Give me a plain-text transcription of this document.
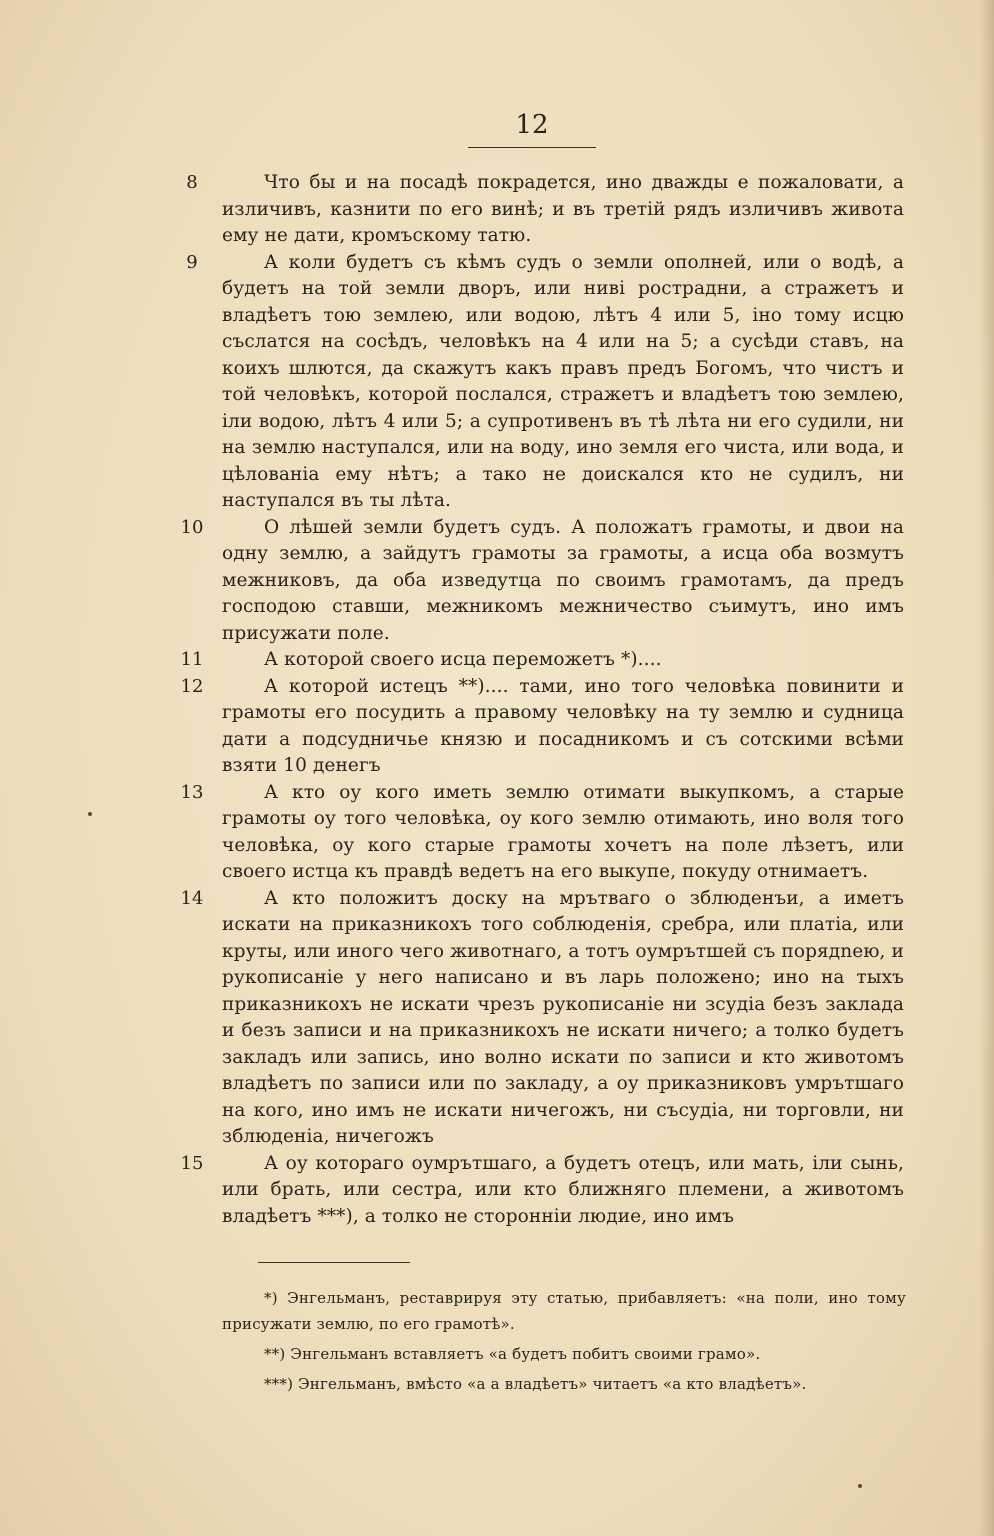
12
8	Что бы и на посадѣ покрадется, ино дважды е пожаловати, а изличивъ, казнити по его винѣ; и въ третій рядъ изличивъ живота ему не дати, кромъскому татю.

9	А коли будетъ съ кѣмъ судъ о земли ополней, или о водѣ, а будетъ на той земли дворъ, или нивi рострадни, а стражетъ и владѣетъ тою землею, или водою, лѣтъ 4 или 5, іно тому исцю съслатся на сосѣдъ, человѣкъ на 4 или на 5; а сусѣди ставъ, на коихъ шлются, да скажутъ какъ правъ предъ Богомъ, что чистъ и той человѣкъ, которой послался, стражетъ и владѣетъ тою землею, іли водою, лѣтъ 4 или 5; а супротивенъ въ тѣ лѣта ни его судили, ни на землю наступался, или на воду, ино земля его чиста, или вода, и цѣлованіа ему нѣтъ; а тако не доискался кто не судилъ, ни наступался въ ты лѣта.

10	О лѣшей земли будетъ судъ. А положатъ грамоты, и двои на одну землю, а зайдутъ грамоты за грамоты, а исца оба возмутъ межниковъ, да оба изведутца по своимъ грамотамъ, да предъ господою ставши, межникомъ межничество съимутъ, ино имъ присужати поле.

11	А которой своего исца переможетъ *)....

12	А которой истецъ **).... тами, ино того человѣка повинити и грамоты его посудить а правому человѣку на ту землю и судница дати а подсудничье князю и посадникомъ и съ сотскими всѣми взяти 10 денегъ

13	А кто оу кого иметь землю отимати выкупкомъ, а старые грамоты оу того человѣка, оу кого землю отимають, ино воля того человѣка, оу кого старые грамоты хочетъ на поле лѣзетъ, или своего истца къ правдѣ ведетъ на его выкупе, покуду отнимаетъ.

14	А кто положитъ доску на мрътваго о зблюденъи, а иметъ искати на приказникохъ того соблюденія, сребра, или платіа, или круты, или иного чего животнаго, а тотъ оумрътшей съ порядnею, и рукописаніе у него написано и въ ларь положено; ино на тыхъ приказникохъ не искати чрезъ рукописаніе ни зсудіа безъ заклада и безъ записи и на приказникохъ не искати ничего; а толко будетъ закладъ или запись, ино волно искати по записи и кто животомъ владѣетъ по записи или по закладу, а оу приказниковъ умрътшаго на кого, ино имъ не искати ничегожъ, ни съсудіа, ни торговли, ни зблюденіа, ничегожъ

15	А оу котораго оумрътшаго, а будетъ отецъ, или мать, іли сынь, или брать, или сестра, или кто ближняго племени, а животомъ владѣетъ ***), а толко не стороннiи людие, ино имъ

*) Энгельманъ, реставрируя эту статью, прибавляетъ: «на поли, ино тому присужати землю, по его грамотѣ».

**) Энгельманъ вставляетъ «а будетъ побитъ своими грамо».

***) Энгельманъ, вмѣсто «а а владѣетъ» читаетъ «а кто владѣетъ».
